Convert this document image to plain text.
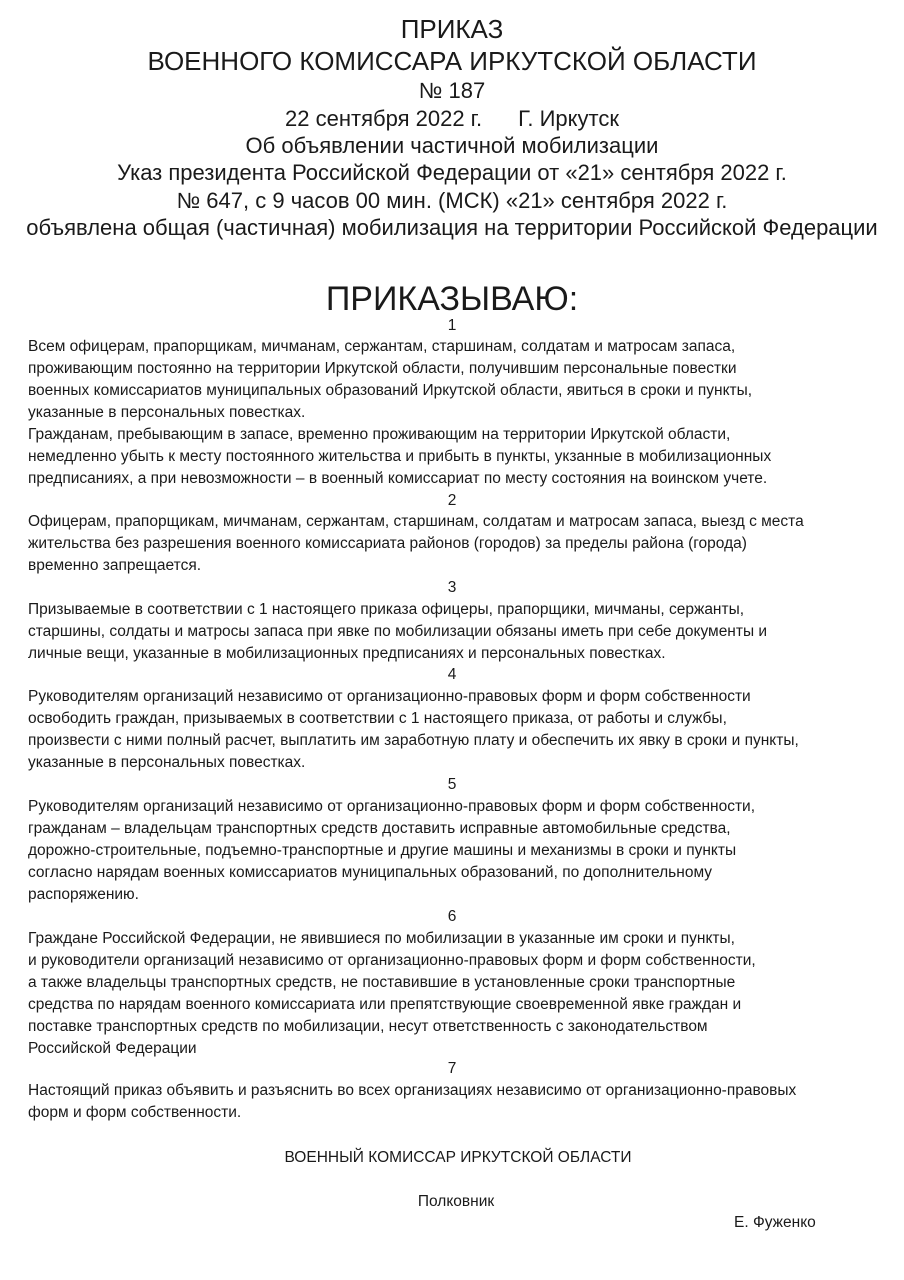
ПРИКАЗ
ВОЕННОГО КОМИССАРА ИРКУТСКОЙ ОБЛАСТИ
№ 187
22 сентября 2022 г. Г. Иркутск
Об объявлении частичной мобилизации
Указ президента Российской Федерации от «21» сентября 2022 г.
№ 647, с 9 часов 00 мин. (МСК) «21» сентября 2022 г.
объявлена общая (частичная) мобилизация на территории Российской Федерации
ПРИКАЗЫВАЮ:
1
Всем офицерам, прапорщикам, мичманам, сержантам, старшинам, солдатам и матросам запаса,
проживающим постоянно на территории Иркутской области, получившим персональные повестки
военных комиссариатов муниципальных образований Иркутской области, явиться в сроки и пункты,
указанные в персональных повестках.
Гражданам, пребывающим в запасе, временно проживающим на территории Иркутской области,
немедленно убыть к месту постоянного жительства и прибыть в пункты, укзанные в мобилизационных
предписаниях, а при невозможности – в военный комиссариат по месту состояния на воинском учете.
2
Офицерам, прапорщикам, мичманам, сержантам, старшинам, солдатам и матросам запаса, выезд с места
жительства без разрешения военного комиссариата районов (городов) за пределы района (города)
временно запрещается.
3
Призываемые в соответствии с 1 настоящего приказа офицеры, прапорщики, мичманы, сержанты,
старшины, солдаты и матросы запаса при явке по мобилизации обязаны иметь при себе документы и
личные вещи, указанные в мобилизационных предписаниях и персональных повестках.
4
Руководителям организаций независимо от организационно-правовых форм и форм собственности
освободить граждан, призываемых в соответствии с 1 настоящего приказа, от работы и службы,
произвести с ними полный расчет, выплатить им заработную плату и обеспечить их явку в сроки и пункты,
указанные в персональных повестках.
5
Руководителям организаций независимо от организационно-правовых форм и форм собственности,
гражданам – владельцам транспортных средств доставить исправные автомобильные средства,
дорожно-строительные, подъемно-транспортные и другие машины и механизмы в сроки и пункты
согласно нарядам военных комиссариатов муниципальных образований, по дополнительному
распоряжению.
6
Граждане Российской Федерации, не явившиеся по мобилизации в указанные им сроки и пункты,
и руководители организаций независимо от организационно-правовых форм и форм собственности,
а также владельцы транспортных средств, не поставившие в установленные сроки транспортные
средства по нарядам военного комиссариата или препятствующие своевременной явке граждан и
поставке транспортных средств по мобилизации, несут ответственность с законодательством
Российской Федерации
7
Настоящий приказ объявить и разъяснить во всех организациях независимо от организационно-правовых
форм и форм собственности.
ВОЕННЫЙ КОМИССАР ИРКУТСКОЙ ОБЛАСТИ
Полковник
Е. Фуженко
